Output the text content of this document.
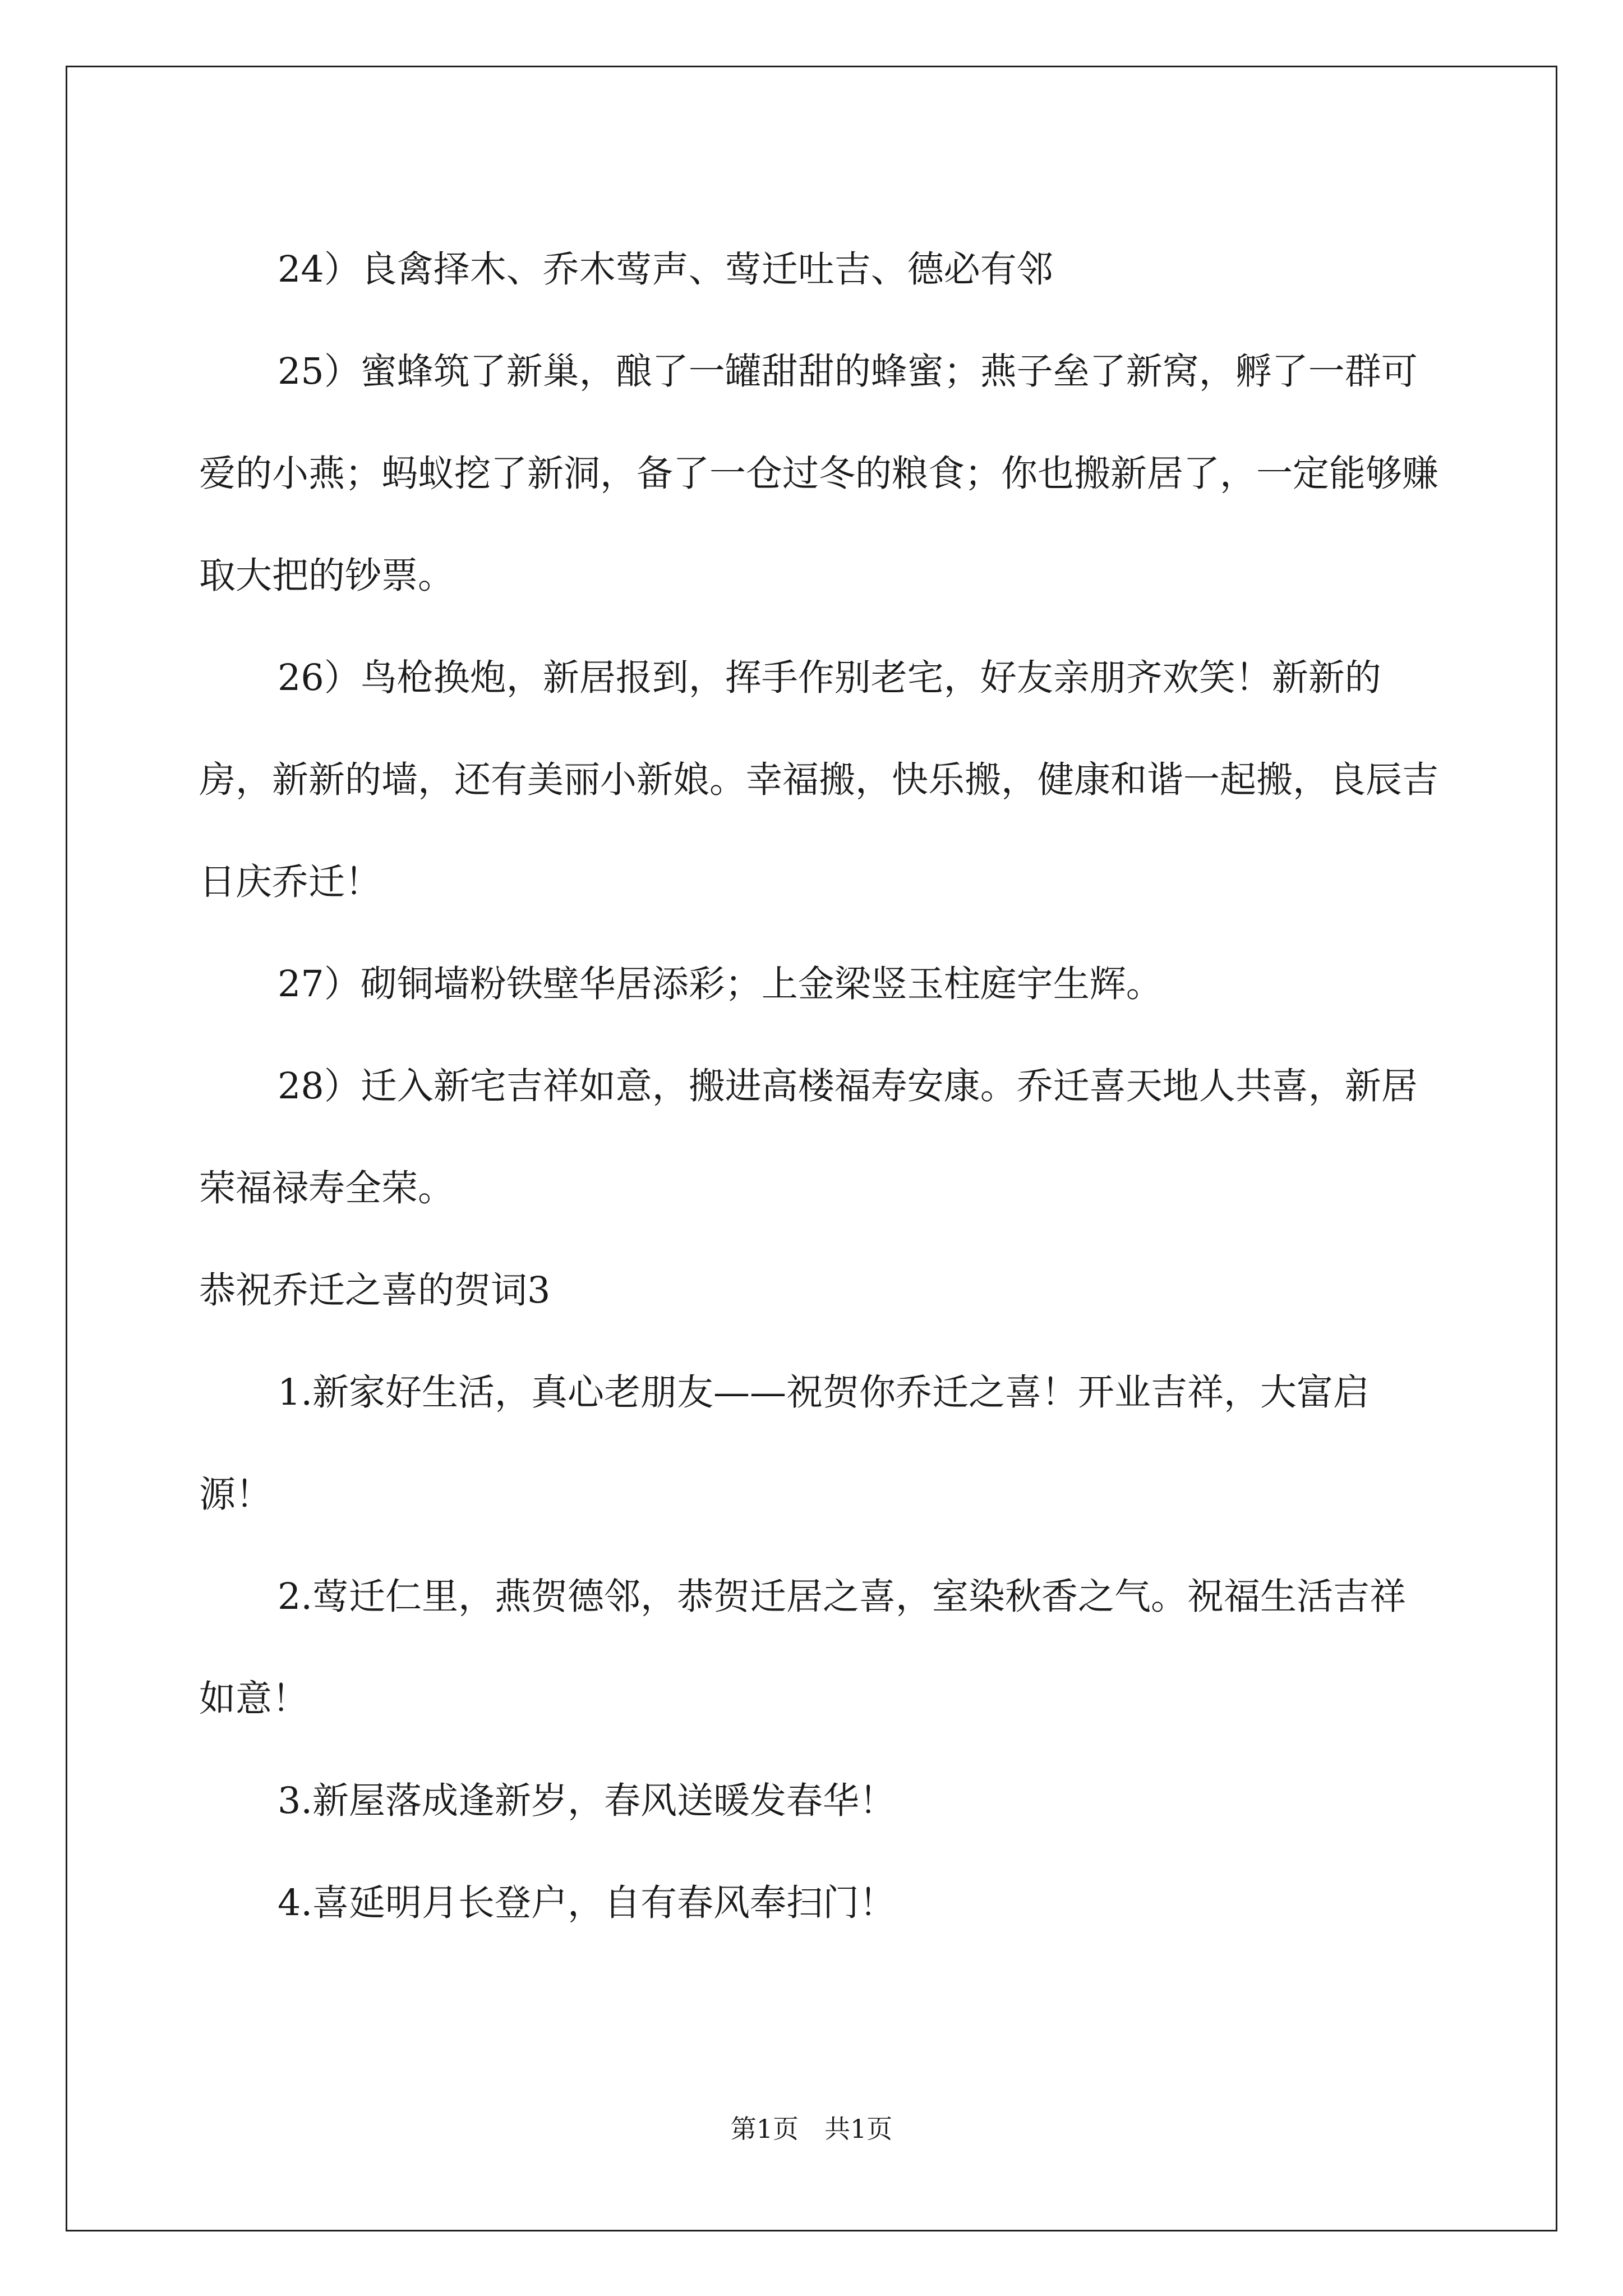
24）良禽择木、乔木莺声、莺迁吐吉、德必有邻

25）蜜蜂筑了新巢，酿了一罐甜甜的蜂蜜；燕子垒了新窝，孵了一群可爱的小燕；蚂蚁挖了新洞，备了一仓过冬的粮食；你也搬新居了，一定能够赚取大把的钞票。

26）鸟枪换炮，新居报到，挥手作别老宅，好友亲朋齐欢笑！新新的房，新新的墙，还有美丽小新娘。幸福搬，快乐搬，健康和谐一起搬，良辰吉日庆乔迁！

27）砌铜墙粉铁壁华居添彩；上金梁竖玉柱庭宇生辉。

28）迁入新宅吉祥如意，搬进高楼福寿安康。乔迁喜天地人共喜，新居荣福禄寿全荣。

恭祝乔迁之喜的贺词3

1.新家好生活，真心老朋友——祝贺你乔迁之喜！开业吉祥，大富启源！

2.莺迁仁里，燕贺德邻，恭贺迁居之喜，室染秋香之气。祝福生活吉祥如意！

3.新屋落成逢新岁，春风送暖发春华！

4.喜延明月长登户，自有春风奉扫门！

第1页　共1页
